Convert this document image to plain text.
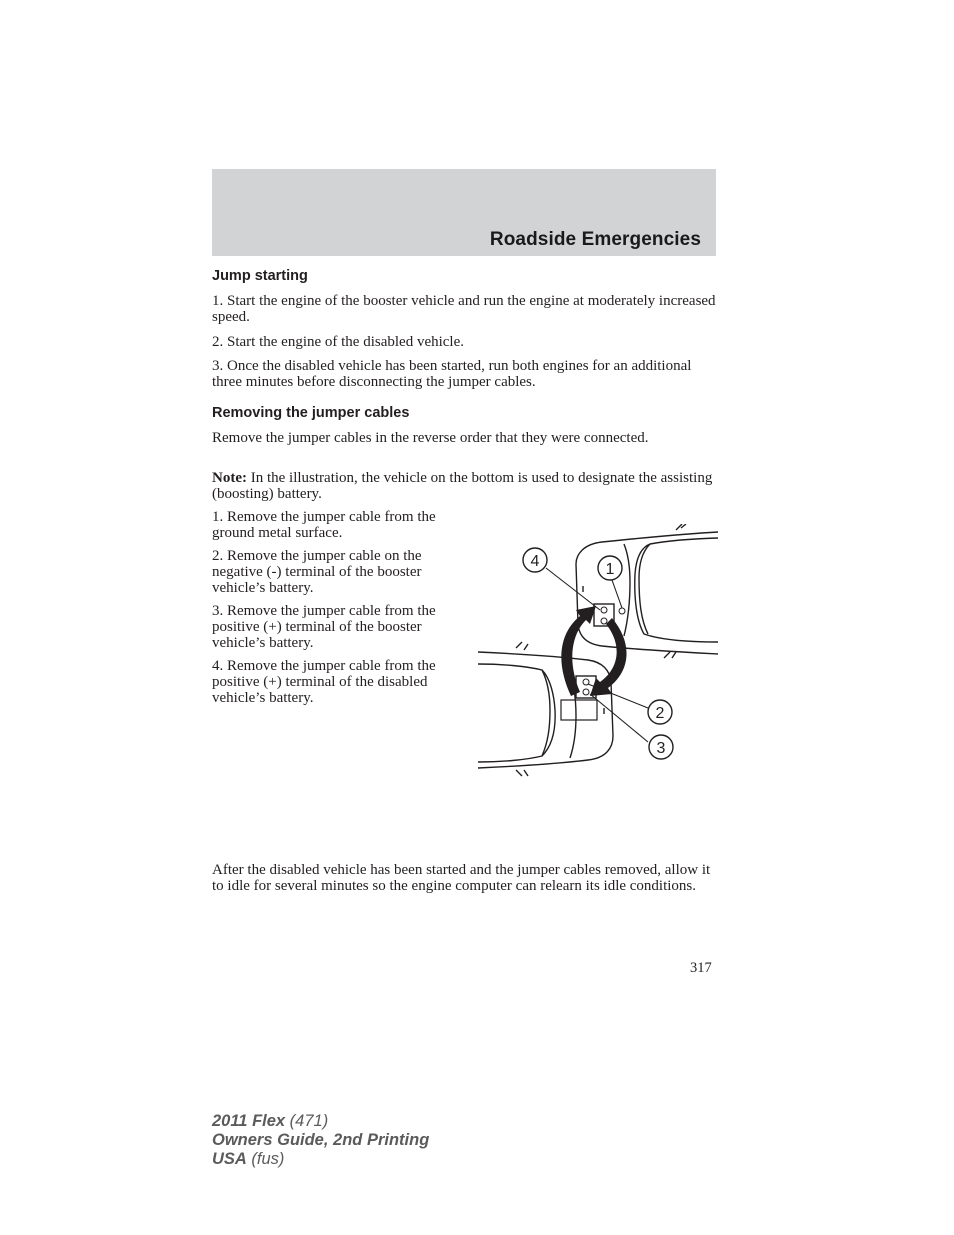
Roadside Emergencies
Jump starting

1. Start the engine of the booster vehicle and run the engine at moderately increased speed.

2. Start the engine of the disabled vehicle.

3. Once the disabled vehicle has been started, run both engines for an additional three minutes before disconnecting the jumper cables.

Removing the jumper cables

Remove the jumper cables in the reverse order that they were connected.

Note: In the illustration, the vehicle on the bottom is used to designate the assisting (boosting) battery.

1. Remove the jumper cable from the ground metal surface.

2. Remove the jumper cable on the negative (-) terminal of the booster vehicle’s battery.

3. Remove the jumper cable from the positive (+) terminal of the booster vehicle’s battery.

4. Remove the jumper cable from the positive (+) terminal of the disabled vehicle’s battery.

4	1
2
3

After the disabled vehicle has been started and the jumper cables removed, allow it to idle for several minutes so the engine computer can relearn its idle conditions.

317
2011 Flex (471)
Owners Guide, 2nd Printing
USA (fus)
